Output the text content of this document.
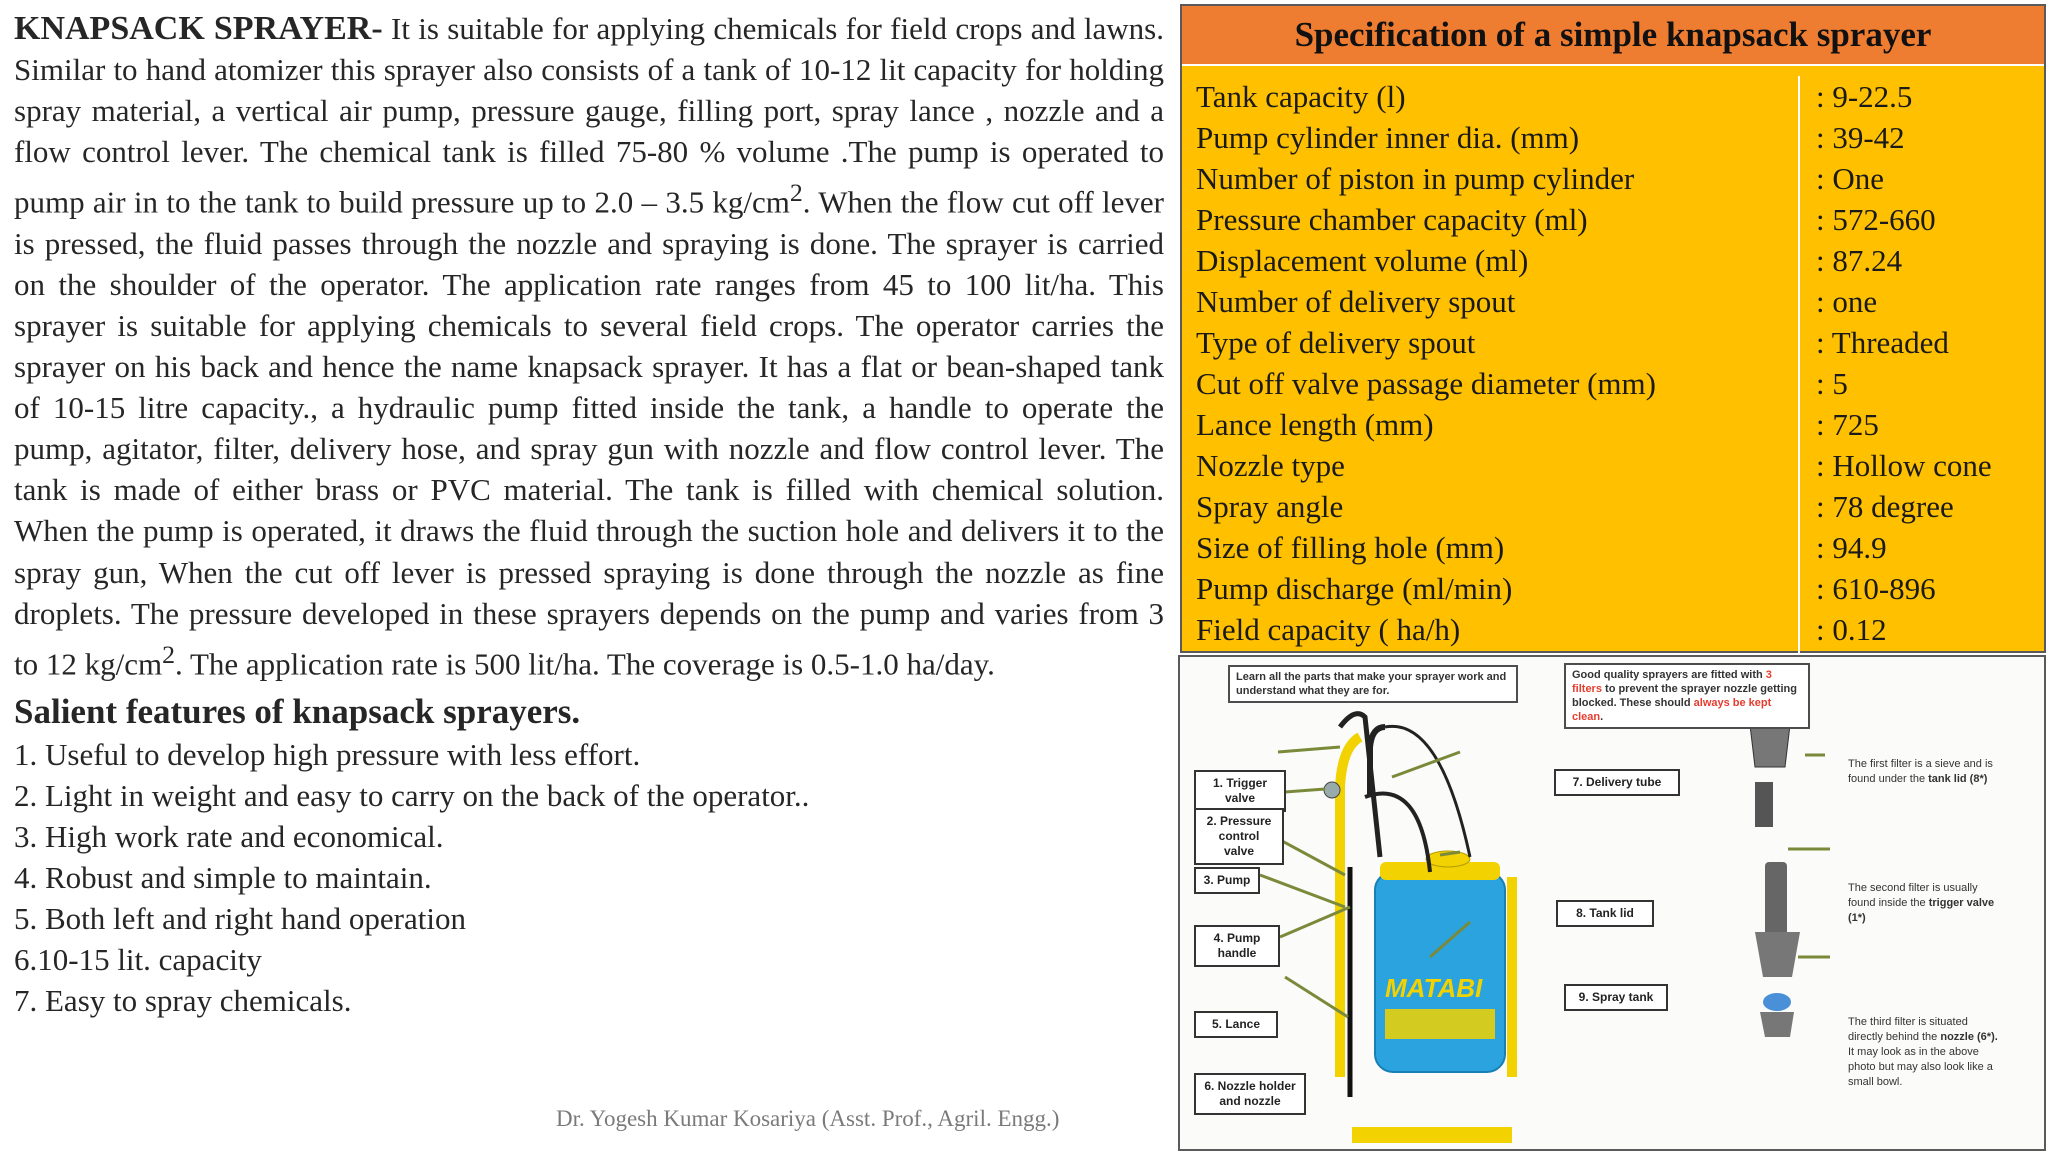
KNAPSACK SPRAYER- It is suitable for applying chemicals for field crops and lawns. Similar to hand atomizer this sprayer also consists of a tank of 10-12 lit capacity for holding spray material, a vertical air pump, pressure gauge, filling port, spray lance , nozzle and a flow control lever. The chemical tank is filled 75-80 % volume .The pump is operated to pump air in to the tank to build pressure up to 2.0 – 3.5 $kg/cm^2$. When the flow cut off lever is pressed, the fluid passes through the nozzle and spraying is done. The sprayer is carried on the shoulder of the operator. The application rate ranges from 45 to 100 lit/ha. This sprayer is suitable for applying chemicals to several field crops. The operator carries the sprayer on his back and hence the name knapsack sprayer. It has a flat or bean-shaped tank of 10-15 litre capacity., a hydraulic pump fitted inside the tank, a handle to operate the pump, agitator, filter, delivery hose, and spray gun with nozzle and flow control lever. The tank is made of either brass or PVC material. The tank is filled with chemical solution. When the pump is operated, it draws the fluid through the suction hole and delivers it to the spray gun, When the cut off lever is pressed spraying is done through the nozzle as fine droplets. The pressure developed in these sprayers depends on the pump and varies from 3 to 12 $kg/cm^2$. The application rate is 500 lit/ha. The coverage is 0.5-1.0 ha/day.

Salient features of knapsack sprayers.
1. Useful to develop high pressure with less effort.
2. Light in weight and easy to carry on the back of the operator..
3. High work rate and economical.
4. Robust and simple to maintain.
5. Both left and right hand operation
6.10-15 lit. capacity
7. Easy to spray chemicals.
Dr. Yogesh Kumar Kosariya (Asst. Prof., Agril. Engg.)
Specification of a simple knapsack sprayer
Tank capacity (l)	: 9-22.5
Pump cylinder inner dia. (mm)	: 39-42
Number of piston in pump cylinder	: One
Pressure chamber capacity (ml)	: 572-660
Displacement volume (ml)	: 87.24
Number of delivery spout	: one
Type of delivery spout	: Threaded
Cut off valve passage diameter (mm)	: 5
Lance length (mm)	: 725
Nozzle type	: Hollow cone
Spray angle	: 78 degree
Size of filling hole (mm)	: 94.9
Pump discharge (ml/min)	: 610-896
Field capacity ( ha/h)	: 0.12
MATABI
Learn all the parts that make your sprayer work and understand what they are for.
Good quality sprayers are fitted with 3 filters to prevent the sprayer nozzle getting blocked. These should always be kept clean.
1. Trigger valve
2. Pressure control valve
3. Pump
4. Pump handle
5. Lance
6. Nozzle holder and nozzle
7. Delivery tube
8. Tank lid
9. Spray tank
The first filter is a sieve and is found under the tank lid (8*)
The second filter is usually found inside the trigger valve (1*)
The third filter is situated directly behind the nozzle (6*). It may look as in the above photo but may also look like a small bowl.
